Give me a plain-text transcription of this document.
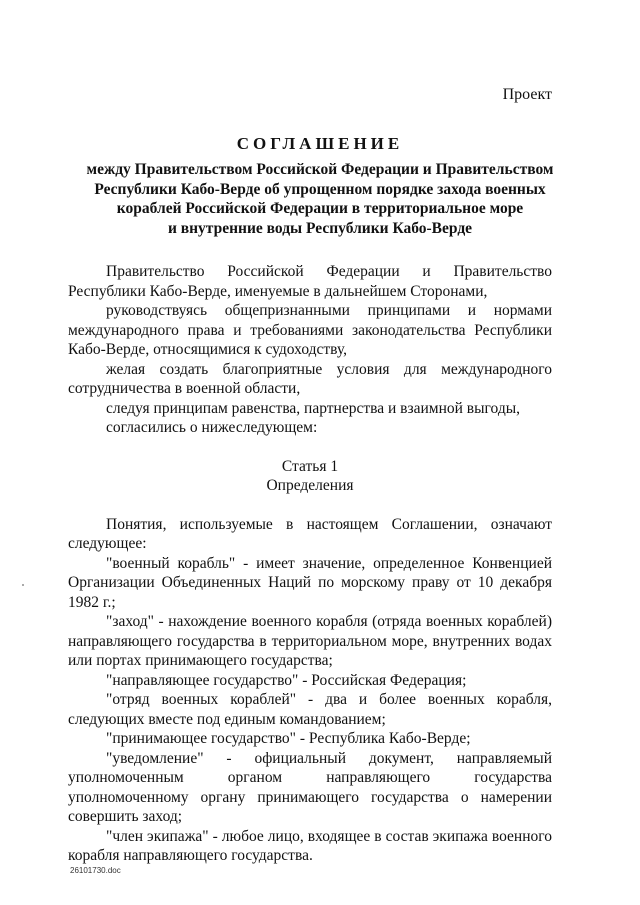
Проект
СОГЛАШЕНИЕ
между Правительством Российской Федерации и Правительством
Республики Кабо-Верде об упрощенном порядке захода военных
кораблей Российской Федерации в территориальное море
и внутренние воды Республики Кабо-Верде

Правительство Российской Федерации и Правительство Республики Кабо-Верде, именуемые в дальнейшем Сторонами,

руководствуясь общепризнанными принципами и нормами международного права и требованиями законодательства Республики Кабо-Верде, относящимися к судоходству,

желая создать благоприятные условия для международного сотрудничества в военной области,

следуя принципам равенства, партнерства и взаимной выгоды,

согласились о нижеследующем:

Статья 1
Определения

Понятия, используемые в настоящем Соглашении, означают следующее:

"военный корабль" - имеет значение, определенное Конвенцией Организации Объединенных Наций по морскому праву от 10 декабря 1982 г.;

"заход" - нахождение военного корабля (отряда военных кораблей) направляющего государства в территориальном море, внутренних водах или портах принимающего государства;

"направляющее государство" - Российская Федерация;

"отряд военных кораблей" - два и более военных корабля, следующих вместе под единым командованием;

"принимающее государство" - Республика Кабо-Верде;

"уведомление" - официальный документ, направляемый уполномоченным органом направляющего государства уполномоченному органу принимающего государства о намерении совершить заход;

"член экипажа" - любое лицо, входящее в состав экипажа военного корабля направляющего государства.

26101730.doc
